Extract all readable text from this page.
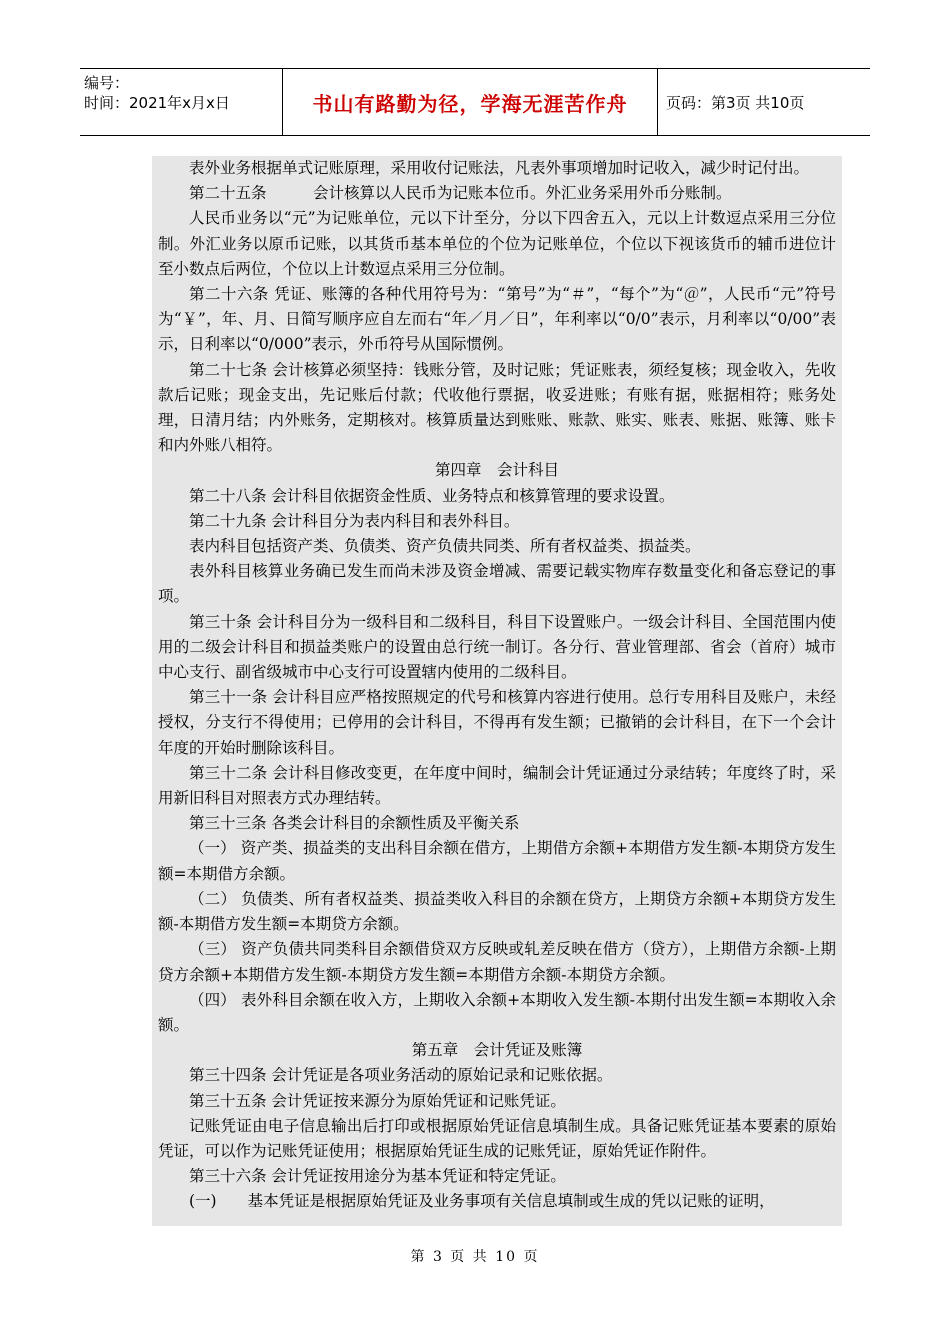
编号：
时间：2021年x月x日	书山有路勤为径，学海无涯苦作舟	页码：第3页 共10页

表外业务根据单式记账原理，采用收付记账法，凡表外事项增加时记收入，减少时记付出。

第二十五条　　　会计核算以人民币为记账本位币。外汇业务采用外币分账制。

人民币业务以“元”为记账单位，元以下计至分，分以下四舍五入，元以上计数逗点采用三分位制。外汇业务以原币记账，以其货币基本单位的个位为记账单位，个位以下视该货币的辅币进位计至小数点后两位，个位以上计数逗点采用三分位制。

第二十六条 凭证、账簿的各种代用符号为：“第号”为“＃”，“每个”为“＠”，人民币“元”符号为“￥”，年、月、日简写顺序应自左而右“年／月／日”，年利率以“0/0”表示，月利率以“0/00”表示，日利率以“0/000”表示，外币符号从国际惯例。

第二十七条 会计核算必须坚持：钱账分管，及时记账；凭证账表，须经复核；现金收入，先收款后记账；现金支出，先记账后付款；代收他行票据，收妥进账；有账有据，账据相符；账务处理，日清月结；内外账务，定期核对。核算质量达到账账、账款、账实、账表、账据、账簿、账卡和内外账八相符。

第四章　会计科目

第二十八条 会计科目依据资金性质、业务特点和核算管理的要求设置。

第二十九条 会计科目分为表内科目和表外科目。

表内科目包括资产类、负债类、资产负债共同类、所有者权益类、损益类。

表外科目核算业务确已发生而尚未涉及资金增减、需要记载实物库存数量变化和备忘登记的事项。

第三十条 会计科目分为一级科目和二级科目，科目下设置账户。一级会计科目、全国范围内使用的二级会计科目和损益类账户的设置由总行统一制订。各分行、营业管理部、省会（首府）城市中心支行、副省级城市中心支行可设置辖内使用的二级科目。

第三十一条 会计科目应严格按照规定的代号和核算内容进行使用。总行专用科目及账户，未经授权，分支行不得使用；已停用的会计科目，不得再有发生额；已撤销的会计科目，在下一个会计年度的开始时删除该科目。

第三十二条 会计科目修改变更，在年度中间时，编制会计凭证通过分录结转；年度终了时，采用新旧科目对照表方式办理结转。

第三十三条 各类会计科目的余额性质及平衡关系

（一） 资产类、损益类的支出科目余额在借方，上期借方余额+本期借方发生额-本期贷方发生额=本期借方余额。

（二） 负债类、所有者权益类、损益类收入科目的余额在贷方，上期贷方余额+本期贷方发生额-本期借方发生额=本期贷方余额。

（三） 资产负债共同类科目余额借贷双方反映或轧差反映在借方（贷方），上期借方余额-上期贷方余额+本期借方发生额-本期贷方发生额=本期借方余额-本期贷方余额。

（四） 表外科目余额在收入方，上期收入余额+本期收入发生额-本期付出发生额=本期收入余额。

第五章　会计凭证及账簿

第三十四条 会计凭证是各项业务活动的原始记录和记账依据。

第三十五条 会计凭证按来源分为原始凭证和记账凭证。

记账凭证由电子信息输出后打印或根据原始凭证信息填制生成。具备记账凭证基本要素的原始凭证，可以作为记账凭证使用；根据原始凭证生成的记账凭证，原始凭证作附件。

第三十六条 会计凭证按用途分为基本凭证和特定凭证。

(一)　　基本凭证是根据原始凭证及业务事项有关信息填制或生成的凭以记账的证明，

第 3 页 共 10 页
